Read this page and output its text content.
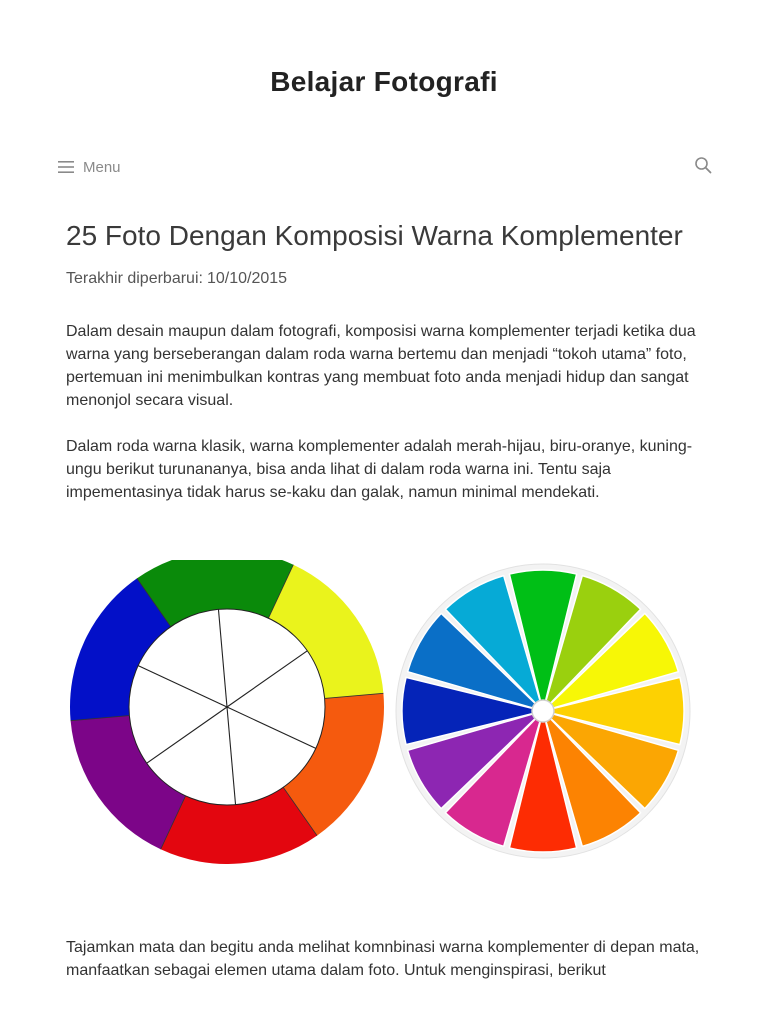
Belajar Fotografi
Menu
25 Foto Dengan Komposisi Warna Komplementer
Terakhir diperbarui: 10/10/2015

Dalam desain maupun dalam fotografi, komposisi warna komplementer terjadi ketika dua warna yang berseberangan dalam roda warna bertemu dan menjadi “tokoh utama” foto, pertemuan ini menimbulkan kontras yang membuat foto anda menjadi hidup dan sangat menonjol secara visual.

Dalam roda warna klasik, warna komplementer adalah merah-hijau, biru-oranye, kuning-ungu berikut turunananya, bisa anda lihat di dalam roda warna ini. Tentu saja impementasinya tidak harus se-kaku dan galak, namun minimal mendekati.

Tajamkan mata dan begitu anda melihat komnbinasi warna komplementer di depan mata, manfaatkan sebagai elemen utama dalam foto. Untuk menginspirasi, berikut
